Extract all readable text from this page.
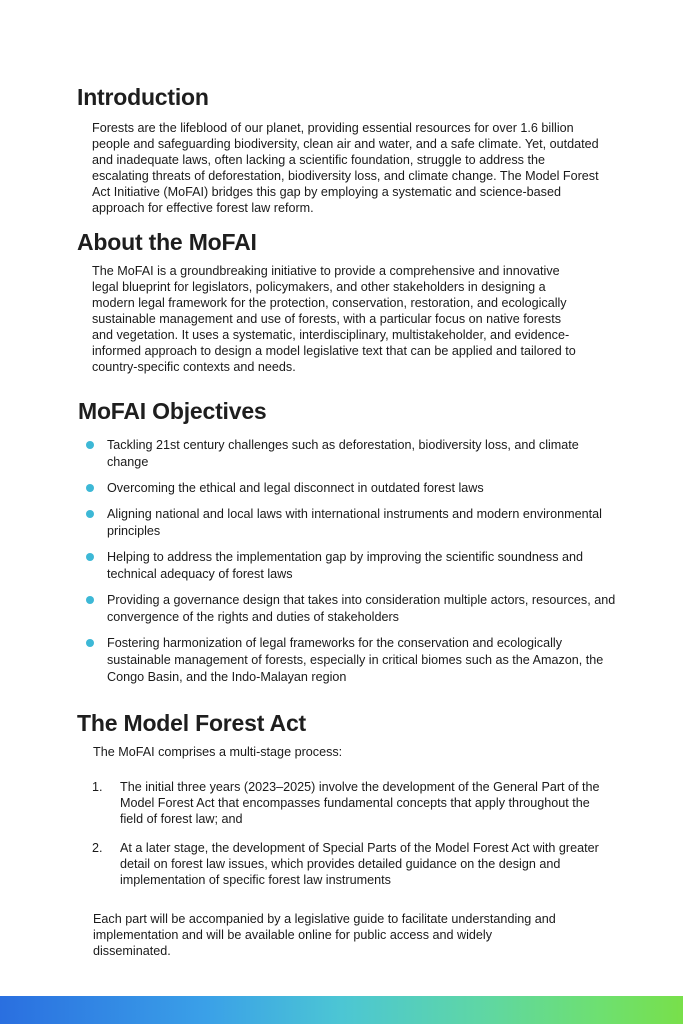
Introduction

Forests are the lifeblood of our planet, providing essential resources for over 1.6 billion people and safeguarding biodiversity, clean air and water, and a safe climate. Yet, outdated and inadequate laws, often lacking a scientific foundation, struggle to address the escalating threats of deforestation, biodiversity loss, and climate change. The Model Forest Act Initiative (MoFAI) bridges this gap by employing a systematic and science-based approach for effective forest law reform.

About the MoFAI

The MoFAI is a groundbreaking initiative to provide a comprehensive and innovative legal blueprint for legislators, policymakers, and other stakeholders in designing a modern legal framework for the protection, conservation, restoration, and ecologically sustainable management and use of forests, with a particular focus on native forests and vegetation. It uses a systematic, interdisciplinary, multistakeholder, and evidence-informed approach to design a model legislative text that can be applied and tailored to country-specific contexts and needs.

MoFAI Objectives
Tackling 21st century challenges such as deforestation, biodiversity loss, and climate change
Overcoming the ethical and legal disconnect in outdated forest laws
Aligning national and local laws with international instruments and modern environmental principles
Helping to address the implementation gap by improving the scientific soundness and technical adequacy of forest laws
Providing a governance design that takes into consideration multiple actors, resources, and convergence of the rights and duties of stakeholders
Fostering harmonization of legal frameworks for the conservation and ecologically sustainable management of forests, especially in critical biomes such as the Amazon, the Congo Basin, and the Indo-Malayan region
The Model Forest Act

The MoFAI comprises a multi-stage process:

1. The initial three years (2023–2025) involve the development of the General Part of the Model Forest Act that encompasses fundamental concepts that apply throughout the field of forest law; and
2. At a later stage, the development of Special Parts of the Model Forest Act with greater detail on forest law issues, which provides detailed guidance on the design and implementation of specific forest law instruments

Each part will be accompanied by a legislative guide to facilitate understanding and implementation and will be available online for public access and widely disseminated.
